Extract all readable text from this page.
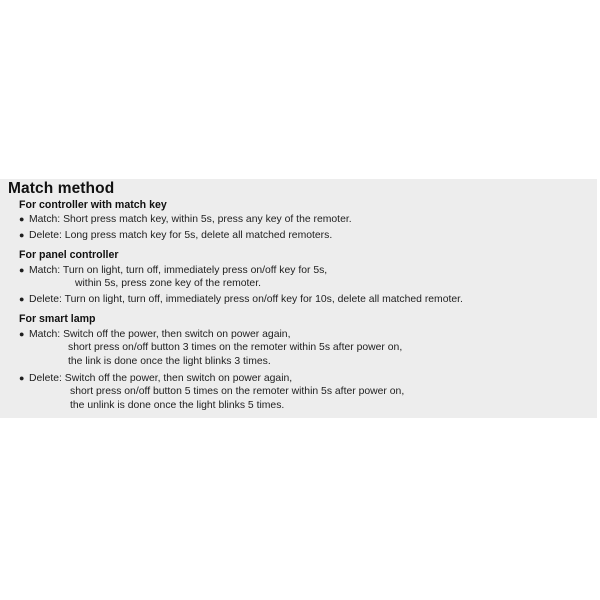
Match method
For controller with match key
● Match: Short press match key, within 5s, press any key of the remoter.
● Delete: Long press match key for 5s, delete all matched remoters.
For panel controller
● Match: Turn on light, turn off, immediately press on/off key for 5s,
within 5s, press zone key of the remoter.
● Delete: Turn on light, turn off, immediately press on/off key for 10s, delete all matched remoter.
For smart lamp
● Match: Switch off the power, then switch on power again,
short press on/off button 3 times on the remoter within 5s after power on,
the link is done once the light blinks 3 times.
● Delete: Switch off the power, then switch on power again,
short press on/off button 5 times on the remoter within 5s after power on,
the unlink is done once the light blinks 5 times.
